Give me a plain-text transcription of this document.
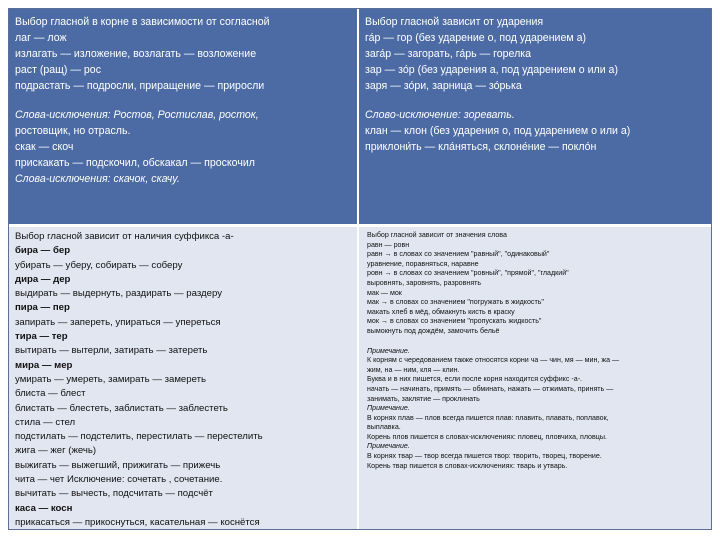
Выбор гласной в корне в зависимости от согласной
лаг — лож
излагать — изложение, возлагать — возложение
раст (ращ) — рос
подрастать — подросли, приращение — приросли
Слова-исключения: Ростов, Ростислав, росток,
ростовщик, но отрасль.
скак — скоч
прискакать — подскочил, обскакал — проскочил
Слова-исключения: скачок, скачу.
Выбор гласной зависит от ударения
га́р — гор (без ударение о, под ударением а)
зага́р — загорать, га́рь — горелка
зар — зо́р (без ударения а, под ударением о или а)
заря — зо́ри, зарница — зо́рька
Слово-исключение: зоревать.
клан — клон (без ударения о, под ударением о или а)
приклони́ть — кла́няться, склоне́ние — покло́н
Выбор гласной зависит от наличия суффикса -а-
бира — бер
убирать — уберу, собирать — соберу
дира — дер
выдирать — выдернуть, раздирать — раздеру
пира — пер
запирать — запереть, упираться — упереться
тира — тер
вытирать — вытерли, затирать — затереть
мира — мер
умирать — умереть, замирать — замереть
блиста — блест
блистать — блестеть, заблистать — заблестеть
стила — стел
подстилать — подстелить, перестилать — перестелить
жига — жег (жечь)
выжигать — выжегший, прижигать — прижечь
чита — чет Исключение: сочетать , сочетание.
вычитать — вычесть, подсчитать — подсчёт
каса — косн
прикасаться — прикоснуться, касательная — коснётся
Выбор гласной зависит от значения слова
равн — ровн
равн → в словах со значением "равный", "одинаковый"
уравнение, поравняться, наравне
ровн → в словах со значением "ровный", "прямой", "гладкий"
выровнять, заровнять, разровнять
мак — мок
мак → в словах со значением "погружать в жидкость"
макать хлеб в мёд, обмакнуть кисть в краску
мок → в словах со значением "пропускать жидкость"
вымокнуть под дождём, замочить бельё
Примечание.
К корням с чередованием также относятся корни ча — чин, мя — мин, жа —
жим, на — ним, кля — клин.
Буква и в них пишется, если после корня находится суффикс -а-.
начать — начинать, примять — обминать, нажать — отжимать, принять —
занимать, заклятие — проклинать
Примечание.
В корнях плав — плов всегда пишется плав: плавить, плавать, поплавок,
выплавка.
Корень плов пишется в словах-исключениях: пловец, пловчиха, пловцы.
Примечание.
В корнях твар — твор всегда пишется твор: творить, творец, творение.
Корень твар пишется в словах-исключениях: тварь и утварь.
